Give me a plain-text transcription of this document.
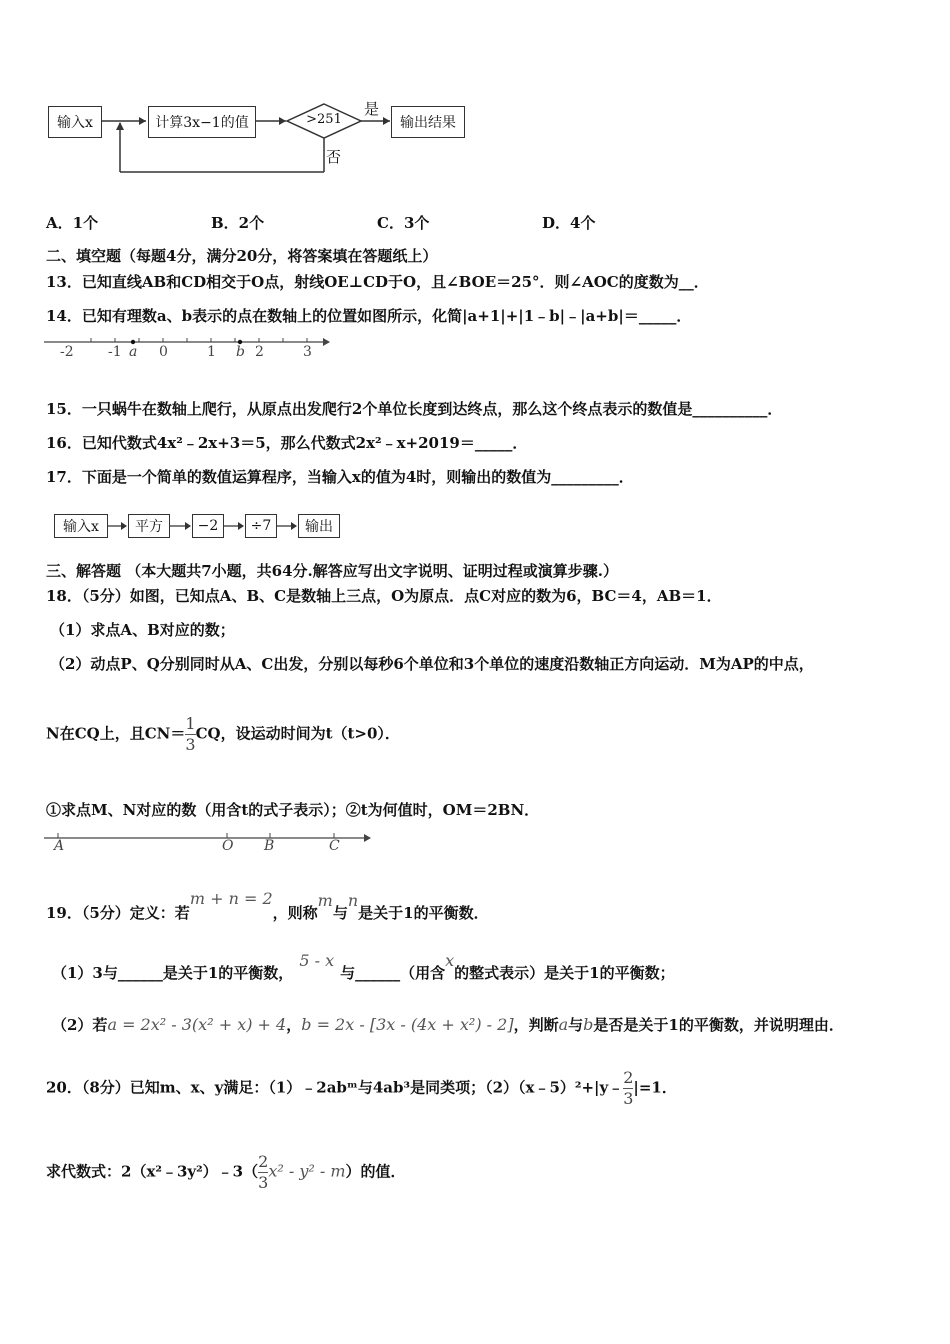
输入x	计算3x−1的值	>251
是
否
输出结果
A．1个	B．2个	C．3个	D．4个
二、填空题（每题4分，满分20分，将答案填在答题纸上）
13．已知直线AB和CD相交于O点，射线OE⊥CD于O，且∠BOE＝25°．则∠AOC的度数为__．
14．已知有理数a、b表示的点在数轴上的位置如图所示，化简|a+1|+|1﹣b|﹣|a+b|＝_____．
-2 -1 a 0	1 b 2	3
15．一只蜗牛在数轴上爬行，从原点出发爬行2个单位长度到达终点，那么这个终点表示的数值是__________．
16．已知代数式4x²﹣2x+3＝5，那么代数式2x²﹣x+2019＝_____．
17．下面是一个简单的数值运算程序，当输入x的值为4时，则输出的数值为_________．
输入x	平方 −2 ÷7 输出
三、解答题 （本大题共7小题，共64分.解答应写出文字说明、证明过程或演算步骤.）
18．（5分）如图，已知点A、B、C是数轴上三点，O为原点．点C对应的数为6，BC＝4，AB＝1．
（1）求点A、B对应的数；
（2）动点P、Q分别同时从A、C出发，分别以每秒6个单位和3个单位的速度沿数轴正方向运动．M为AP的中点，
N在CQ上，且$CN= \frac{1}{3}$ CQ，设运动时间为t（t>0）．
①求点M、N对应的数（用含t的式子表示）；②t为何值时，OM＝2BN．
A	O B	C
19．（5分）定义：若m + n = 2，则称m与n是关于1的平衡数．
（1）3与______是关于1的平衡数，5 - x与______（用含x的整式表示）是关于1的平衡数；
（2）若a = 2x² - 3(x² + x) + 4，b = 2x - [3x - (4x + x²) - 2]，判断a与b是否是关于1的平衡数，并说明理由．
20．（8分）已知m、x、y满足：（1）﹣2abᵐ与4ab³是同类项；（2）（x﹣5）²+|y﹣ $\frac{2}{3} |=1$．
求代数式：2（x²﹣3y²）﹣3（ $\frac{2}{3} x^2 - y^2 - m$）的值．
